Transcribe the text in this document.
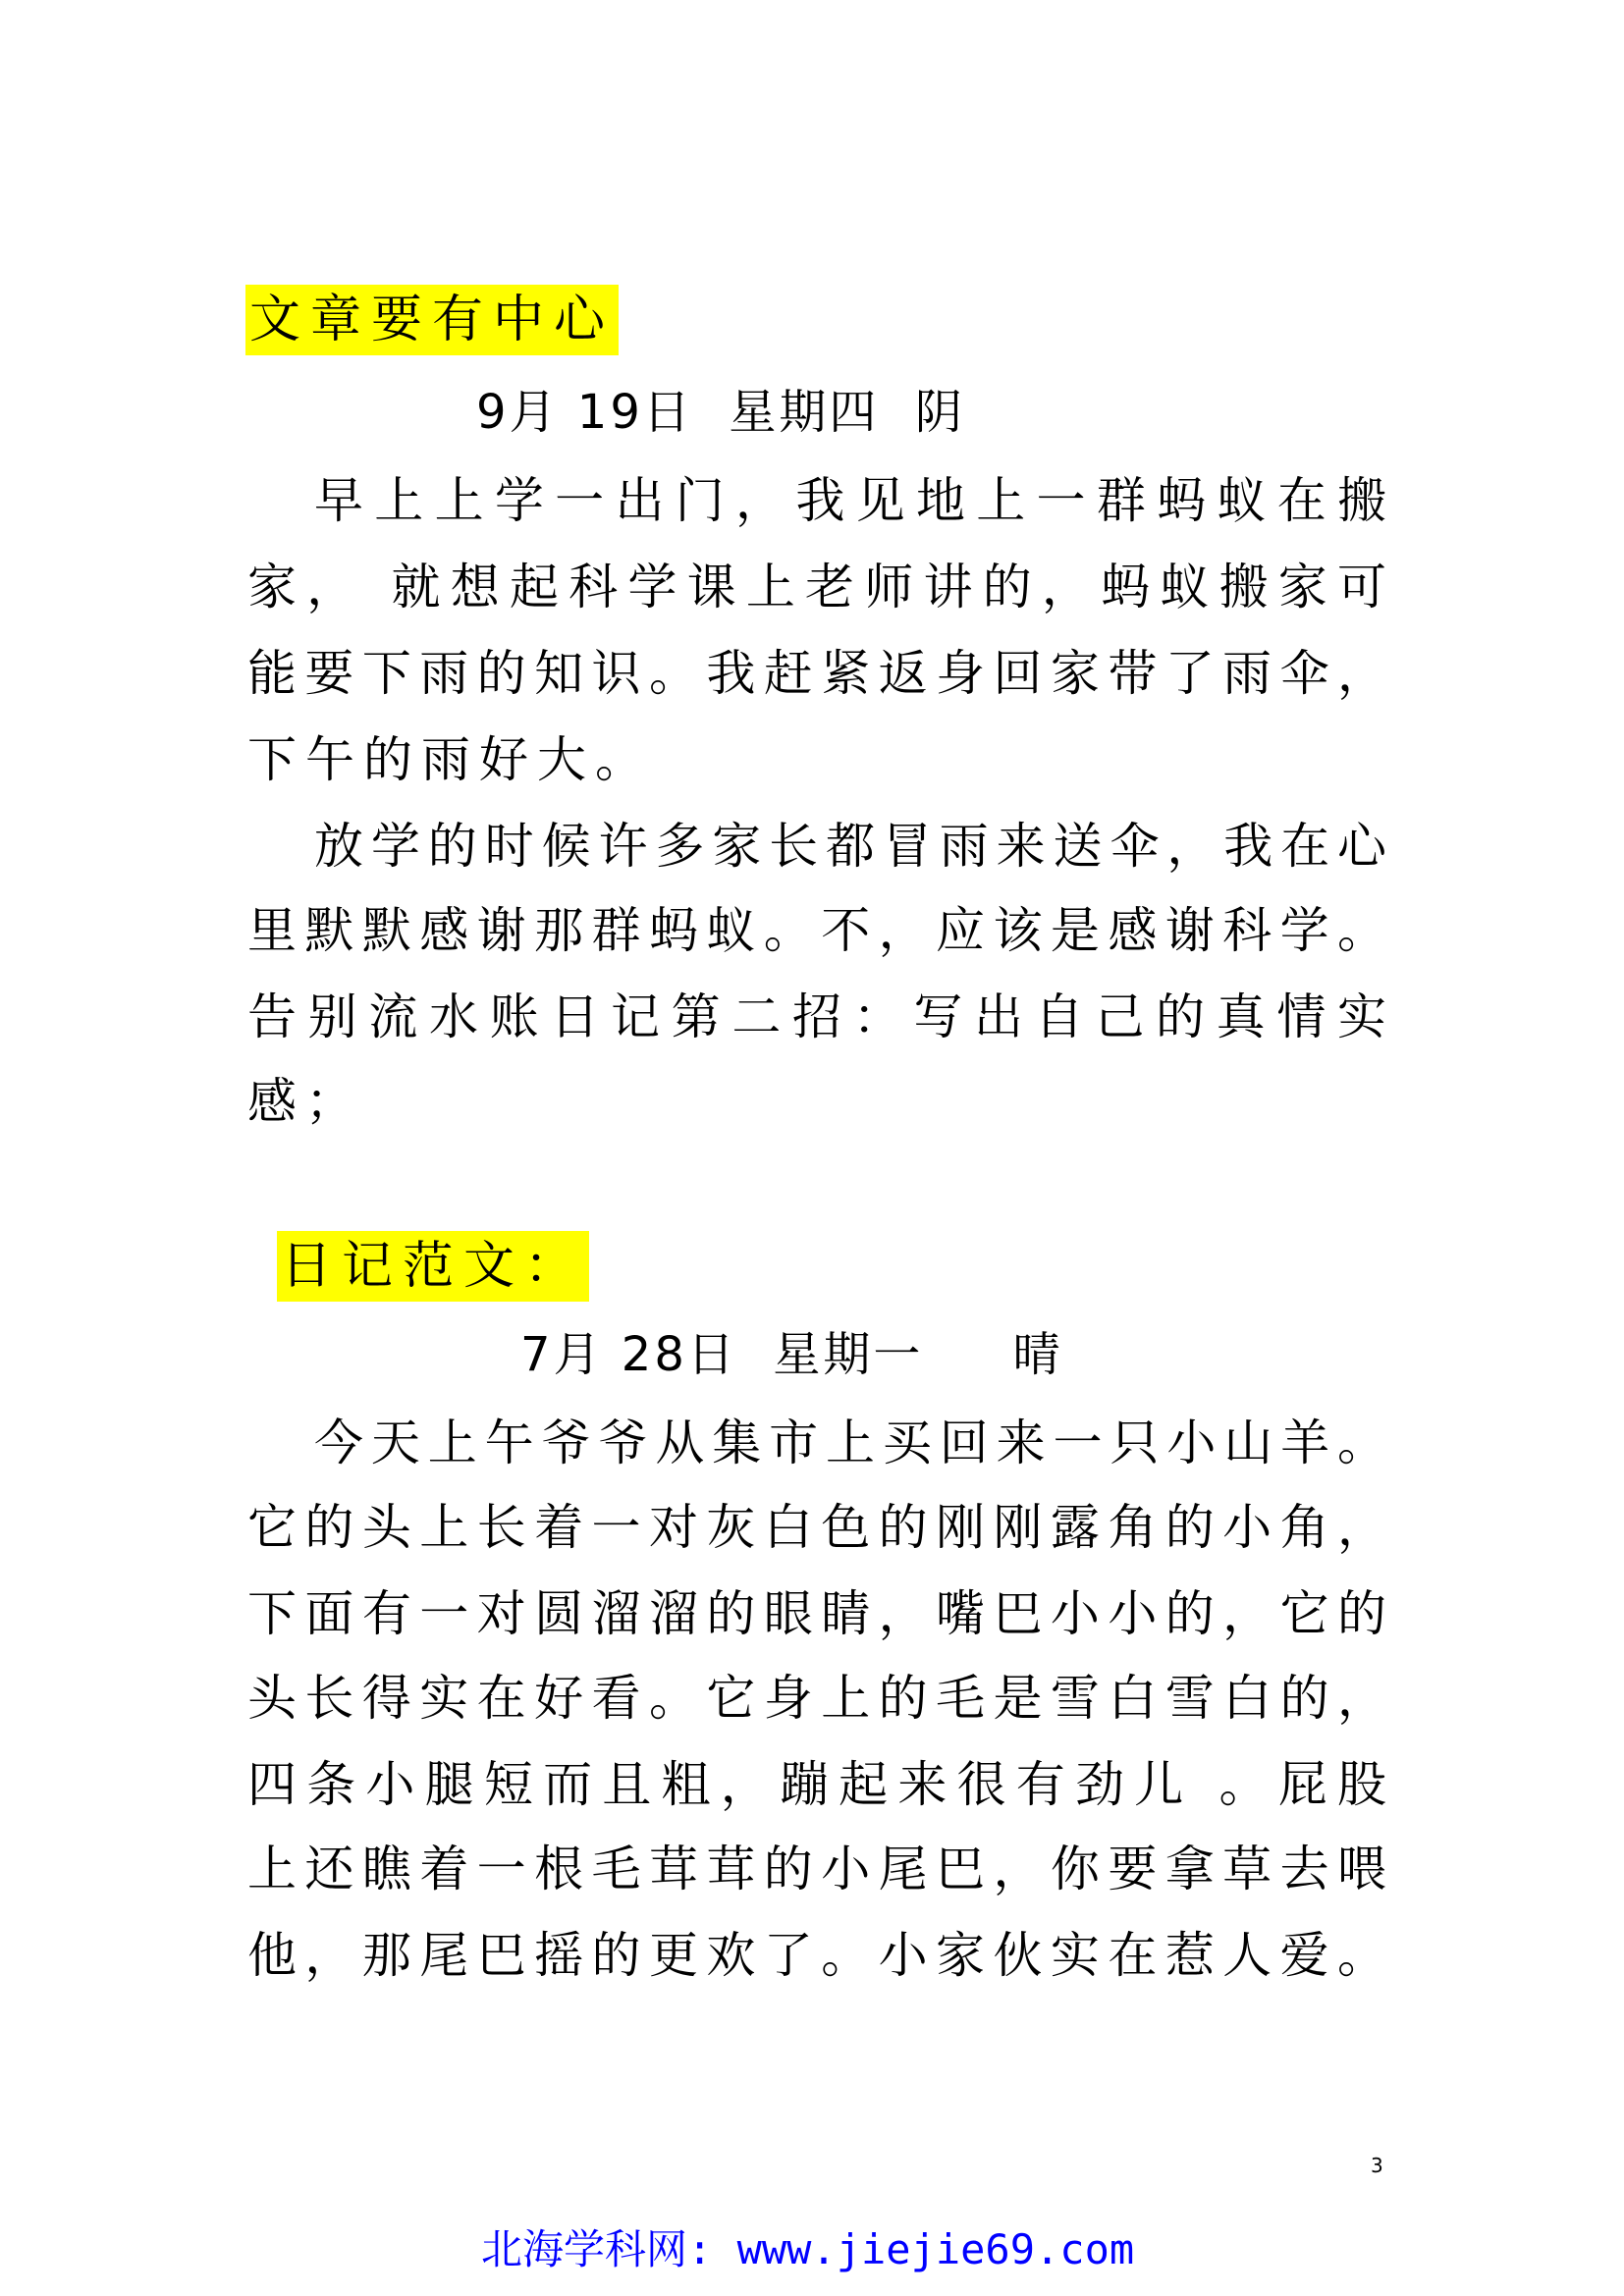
文章要有中心
9月 19日  星期四  阴
早上上学一出门，我见地上一群蚂蚁在搬
家， 就想起科学课上老师讲的，蚂蚁搬家可
能要下雨的知识。我赶紧返身回家带了雨伞，
下午的雨好大。
放学的时候许多家长都冒雨来送伞，我在心
里默默感谢那群蚂蚁。不，应该是感谢科学。
告别流水账日记第二招：写出自己的真情实
感；
日记范文：
7月 28日  星期一     晴
今天上午爷爷从集市上买回来一只小山羊。
它的头上长着一对灰白色的刚刚露角的小角，
下面有一对圆溜溜的眼睛，嘴巴小小的，它的
头长得实在好看。它身上的毛是雪白雪白的，
四条小腿短而且粗，蹦起来很有劲儿 。屁股
上还瞧着一根毛茸茸的小尾巴，你要拿草去喂
他，那尾巴摇的更欢了。小家伙实在惹人爱。
3
北海学科网: www.jiejie69.com
